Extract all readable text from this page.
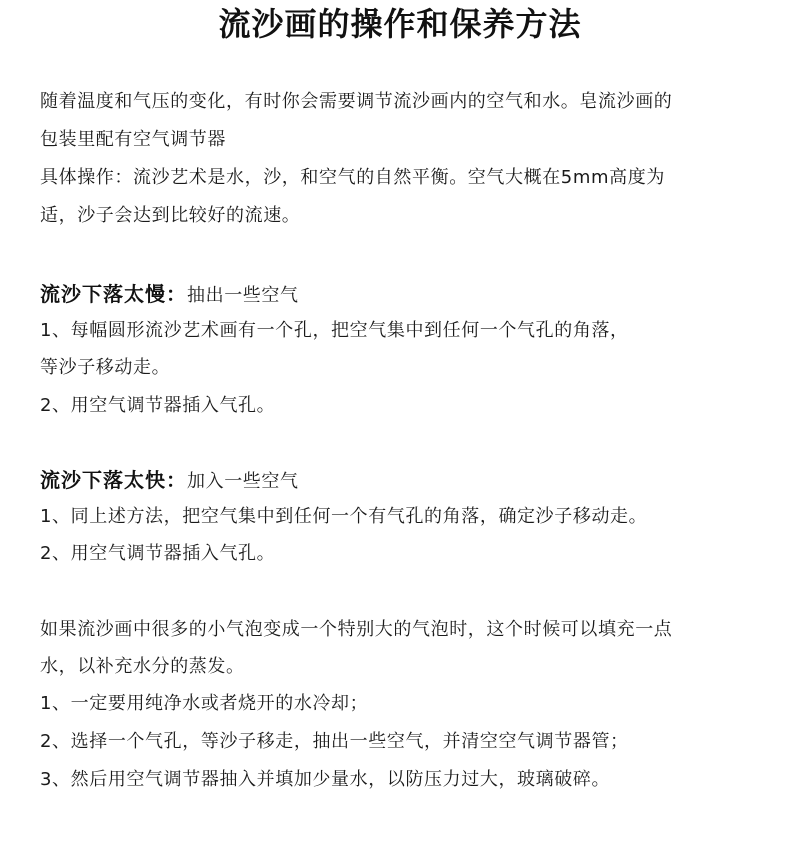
流沙画的操作和保养方法
随着温度和气压的变化，有时你会需要调节流沙画内的空气和水。皂流沙画的
包装里配有空气调节器
具体操作：流沙艺术是水，沙，和空气的自然平衡。空气大概在5mm高度为
适，沙子会达到比较好的流速。
流沙下落太慢：抽出一些空气
1、每幅圆形流沙艺术画有一个孔，把空气集中到任何一个气孔的角落，
等沙子移动走。
2、用空气调节器插入气孔。
流沙下落太快：加入一些空气
1、同上述方法，把空气集中到任何一个有气孔的角落，确定沙子移动走。
2、用空气调节器插入气孔。
如果流沙画中很多的小气泡变成一个特别大的气泡时，这个时候可以填充一点
水，以补充水分的蒸发。
1、一定要用纯净水或者烧开的水冷却；
2、选择一个气孔，等沙子移走，抽出一些空气，并清空空气调节器管；
3、然后用空气调节器抽入并填加少量水，以防压力过大，玻璃破碎。
